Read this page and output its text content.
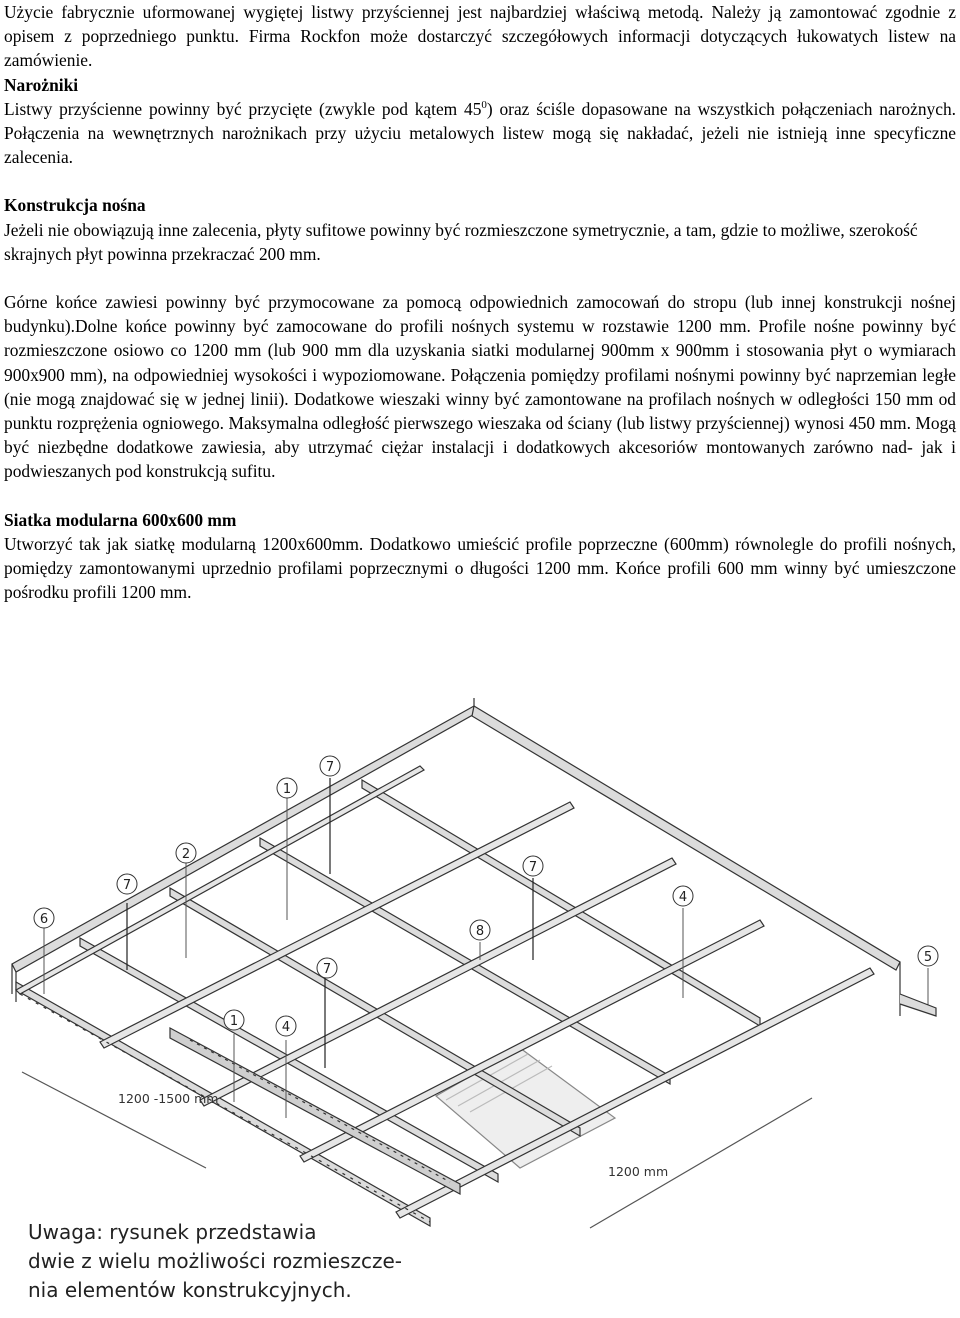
Użycie fabrycznie uformowanej wygiętej listwy przyściennej jest najbardziej właściwą metodą. Należy ją zamontować zgodnie z opisem z poprzedniego punktu. Firma Rockfon może dostarczyć szczegółowych informacji dotyczących łukowatych listew na zamówienie.

Narożniki

Listwy przyścienne powinny być przycięte (zwykle pod kątem $45^0$) oraz ściśle dopasowane na wszystkich połączeniach narożnych. Połączenia na wewnętrznych narożnikach przy użyciu metalowych listew mogą się nakładać, jeżeli nie istnieją inne specyficzne zalecenia.

Konstrukcja nośna

Jeżeli nie obowiązują inne zalecenia, płyty sufitowe powinny być rozmieszczone symetrycznie, a tam, gdzie to możliwe, szerokość skrajnych płyt powinna przekraczać 200 mm.

Górne końce zawiesi powinny być przymocowane za pomocą odpowiednich zamocowań do stropu (lub innej konstrukcji nośnej budynku).Dolne końce powinny być zamocowane do profili nośnych systemu w rozstawie 1200 mm. Profile nośne powinny być rozmieszczone osiowo co 1200 mm (lub 900 mm dla uzyskania siatki modularnej 900mm x 900mm i stosowania płyt o wymiarach 900x900 mm), na odpowiedniej wysokości i wypoziomowane. Połączenia pomiędzy profilami nośnymi powinny być naprzemian ległe (nie mogą znajdować się w jednej linii). Dodatkowe wieszaki winny być zamontowane na profilach nośnych w odległości 150 mm od punktu rozprężenia ogniowego. Maksymalna odległość pierwszego wieszaka od ściany (lub listwy przyściennej) wynosi 450 mm. Mogą być niezbędne dodatkowe zawiesia, aby utrzymać ciężar instalacji i dodatkowych akcesoriów montowanych zarówno nad- jak i podwieszanych pod konstrukcją sufitu.

Siatka modularna 600x600 mm

Utworzyć tak jak siatkę modularną 1200x600mm. Dodatkowo umieścić profile poprzeczne (600mm) równolegle do profili nośnych, pomiędzy zamontowanymi uprzednio profilami poprzecznymi o długości 1200 mm. Końce profili 600 mm winny być umieszczone pośrodku profili 1200 mm.

1
2
4
5
6
7
7
7
7
8
1	4
1200 -1500 mm
1200 mm
Uwaga: rysunek przedstawia
dwie z wielu możliwości rozmieszcze-
nia elementów konstrukcyjnych.
